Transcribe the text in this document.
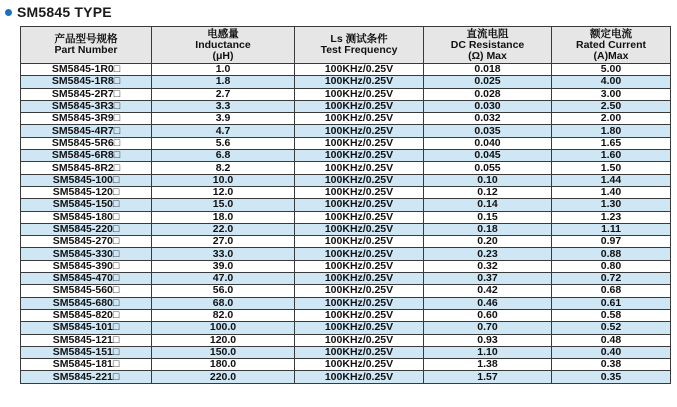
SM5845 TYPE
产品型号规格
Part Number	电感量
Inductance
(μH)	Ls 测试条件
Test Frequency	直流电阻
DC Resistance
(Ω) Max	额定电流
Rated Current
(A)Max

SM5845-1R0□	1.0	100KHz/0.25V	0.018	5.00
SM5845-1R8□	1.8	100KHz/0.25V	0.025	4.00
SM5845-2R7□	2.7	100KHz/0.25V	0.028	3.00
SM5845-3R3□	3.3	100KHz/0.25V	0.030	2.50
SM5845-3R9□	3.9	100KHz/0.25V	0.032	2.00
SM5845-4R7□	4.7	100KHz/0.25V	0.035	1.80
SM5845-5R6□	5.6	100KHz/0.25V	0.040	1.65
SM5845-6R8□	6.8	100KHz/0.25V	0.045	1.60
SM5845-8R2□	8.2	100KHz/0.25V	0.055	1.50
SM5845-100□	10.0	100KHz/0.25V	0.10	1.44
SM5845-120□	12.0	100KHz/0.25V	0.12	1.40
SM5845-150□	15.0	100KHz/0.25V	0.14	1.30
SM5845-180□	18.0	100KHz/0.25V	0.15	1.23
SM5845-220□	22.0	100KHz/0.25V	0.18	1.11
SM5845-270□	27.0	100KHz/0.25V	0.20	0.97
SM5845-330□	33.0	100KHz/0.25V	0.23	0.88
SM5845-390□	39.0	100KHz/0.25V	0.32	0.80
SM5845-470□	47.0	100KHz/0.25V	0.37	0.72
SM5845-560□	56.0	100KHz/0.25V	0.42	0.68
SM5845-680□	68.0	100KHz/0.25V	0.46	0.61
SM5845-820□	82.0	100KHz/0.25V	0.60	0.58
SM5845-101□	100.0	100KHz/0.25V	0.70	0.52
SM5845-121□	120.0	100KHz/0.25V	0.93	0.48
SM5845-151□	150.0	100KHz/0.25V	1.10	0.40
SM5845-181□	180.0	100KHz/0.25V	1.38	0.38
SM5845-221□	220.0	100KHz/0.25V	1.57	0.35
